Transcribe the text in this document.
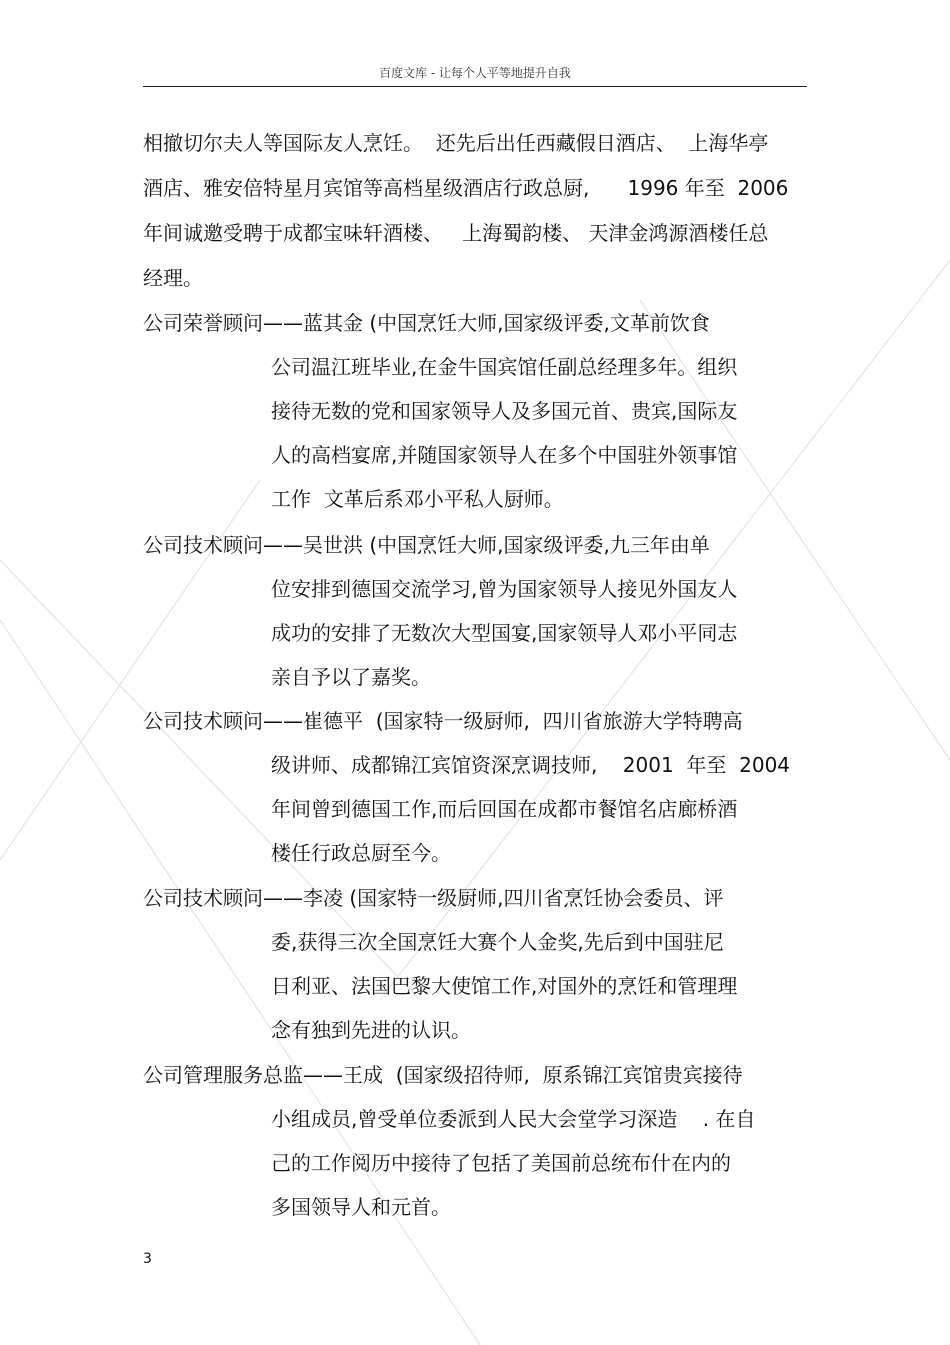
百度文库 - 让每个人平等地提升自我
相撤切尔夫人等国际友人烹饪。  还先后出任西藏假日酒店、  上海华亭
酒店、雅安倍特星月宾馆等高档星级酒店行政总厨,      1996 年至  2006
年间诚邀受聘于成都宝味轩酒楼、   上海蜀韵楼、 天津金鸿源酒楼任总
经理。
公司荣誉顾问——蓝其金 (中国烹饪大师,国家级评委,文革前饮食
公司温江班毕业,在金牛国宾馆任副总经理多年。组织
接待无数的党和国家领导人及多国元首、贵宾,国际友
人的高档宴席,并随国家领导人在多个中国驻外领事馆
工作  文革后系邓小平私人厨师。
公司技术顾问——吴世洪 (中国烹饪大师,国家级评委,九三年由单
位安排到德国交流学习,曾为国家领导人接见外国友人
成功的安排了无数次大型国宴,国家领导人邓小平同志
亲自予以了嘉奖。
公司技术顾问——崔德平  (国家特一级厨师,  四川省旅游大学特聘高
级讲师、成都锦江宾馆资深烹调技师,    2001  年至  2004
年间曾到德国工作,而后回国在成都市餐馆名店廊桥酒
楼任行政总厨至今。
公司技术顾问——李凌 (国家特一级厨师,四川省烹饪协会委员、评
委,获得三次全国烹饪大赛个人金奖,先后到中国驻尼
日利亚、法国巴黎大使馆工作,对国外的烹饪和管理理
念有独到先进的认识。
公司管理服务总监——王成  (国家级招待师,  原系锦江宾馆贵宾接待
小组成员,曾受单位委派到人民大会堂学习深造    . 在自
己的工作阅历中接待了包括了美国前总统布什在内的
多国领导人和元首。
3
